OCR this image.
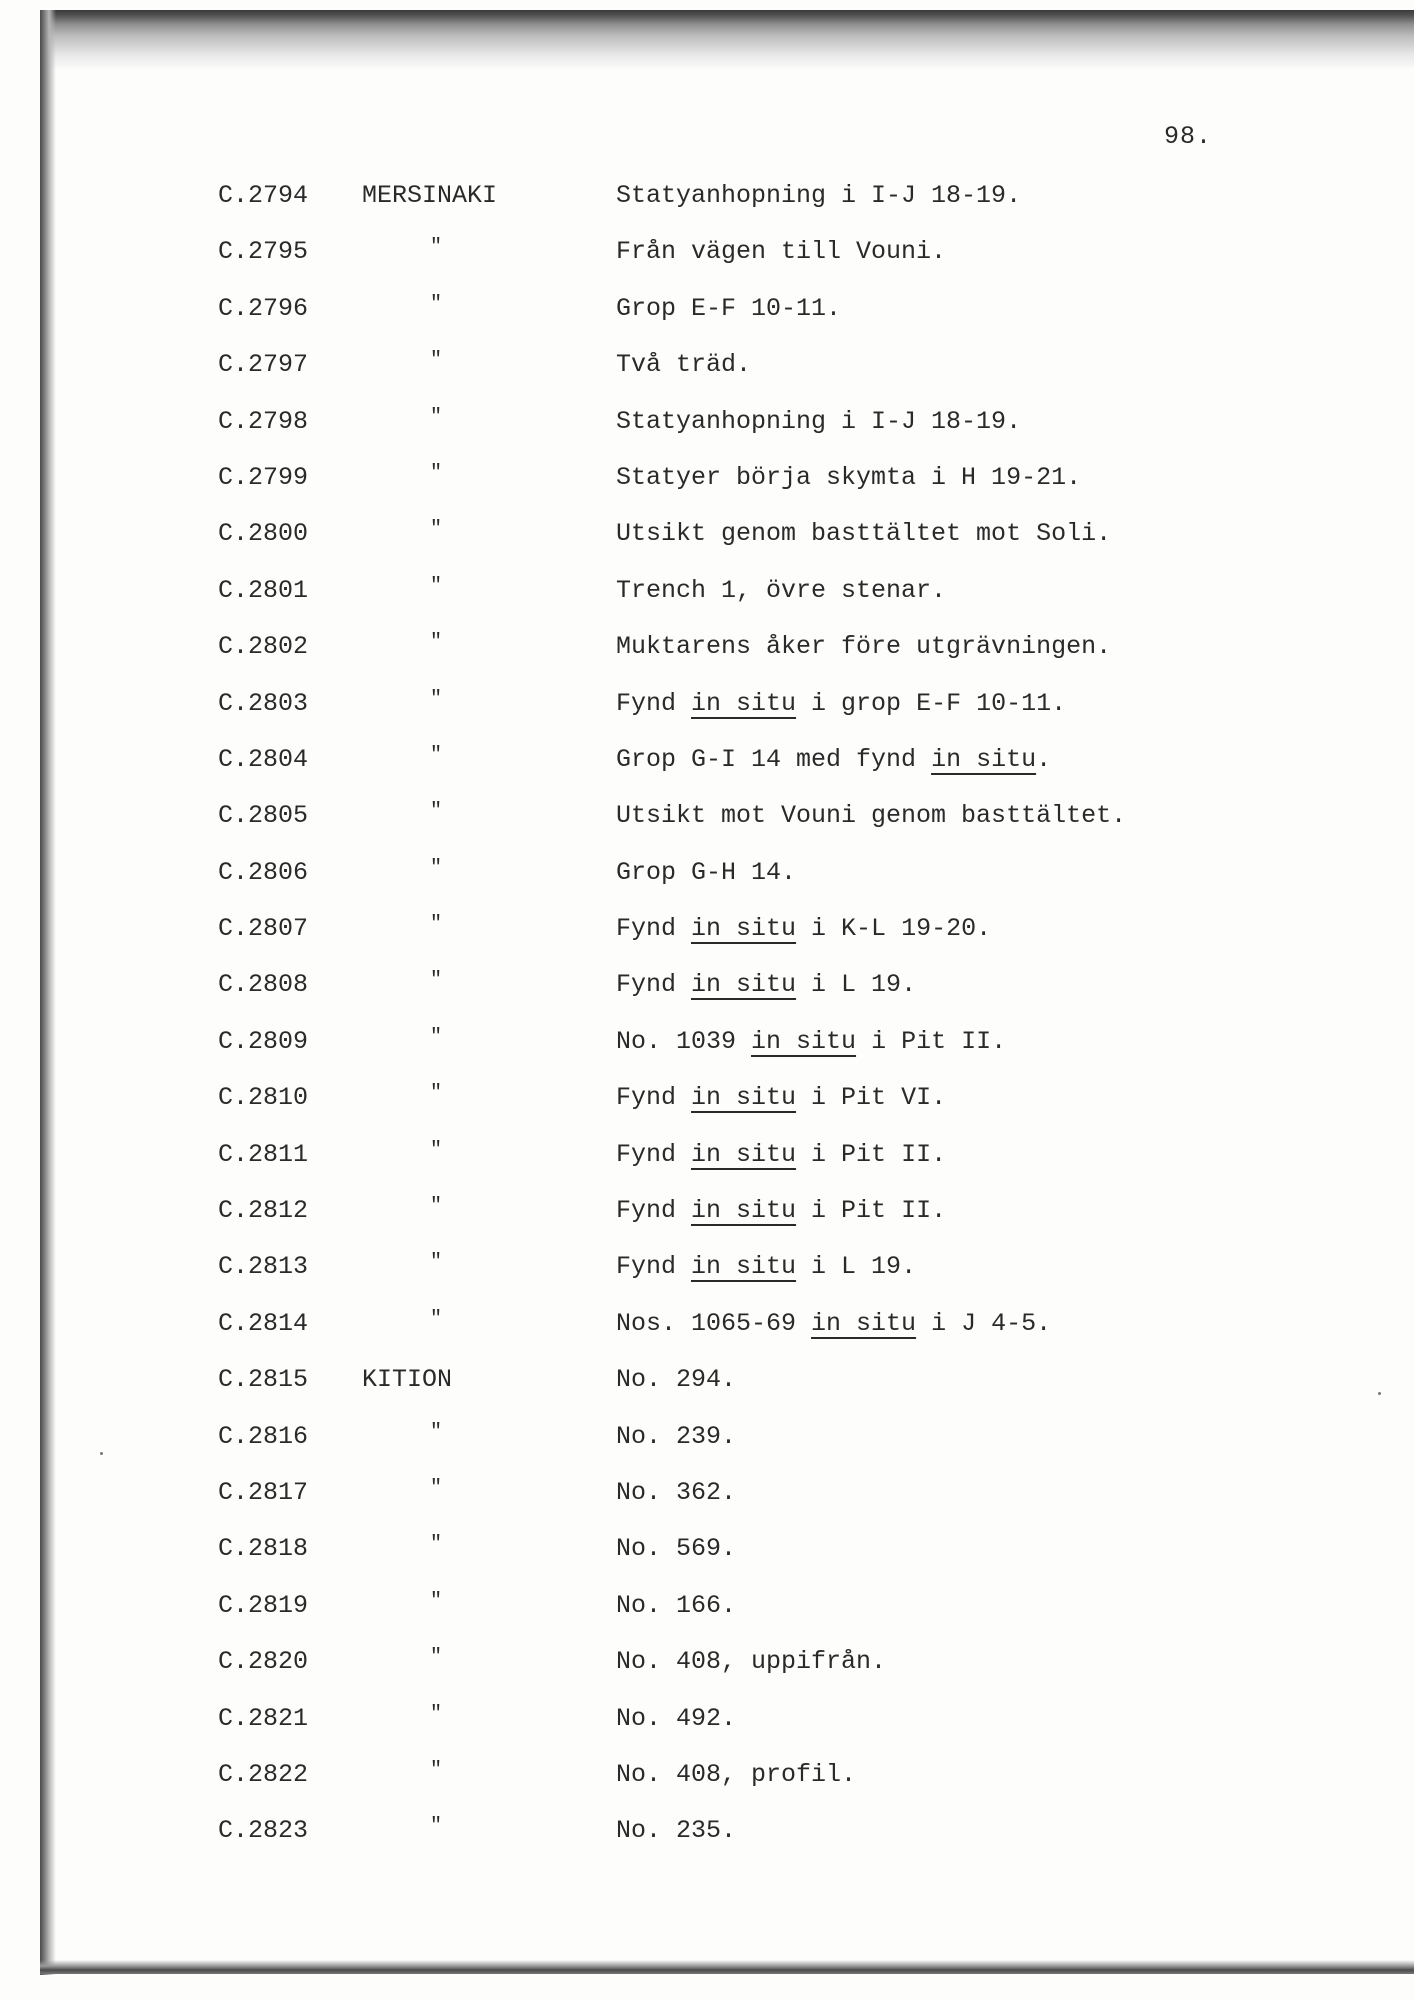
98.
C.2794 MERSINAKI	Statyanhopning i I-J 18-19.
C.2795	"	Från vägen till Vouni.
C.2796	"	Grop E-F 10-11.
C.2797	"	Två träd.
C.2798	"	Statyanhopning i I-J 18-19.
C.2799	"	Statyer börja skymta i H 19-21.
C.2800	"	Utsikt genom basttältet mot Soli.
C.2801	"	Trench 1, övre stenar.
C.2802	"	Muktarens åker före utgrävningen.
C.2803	"	Fynd in situ i grop E-F 10-11.
C.2804	"	Grop G-I 14 med fynd in situ.
C.2805	"	Utsikt mot Vouni genom basttältet.
C.2806	"	Grop G-H 14.
C.2807	"	Fynd in situ i K-L 19-20.
C.2808	"	Fynd in situ i L 19.
C.2809	"	No. 1039 in situ i Pit II.
C.2810	"	Fynd in situ i Pit VI.
C.2811	"	Fynd in situ i Pit II.
C.2812	"	Fynd in situ i Pit II.
C.2813	"	Fynd in situ i L 19.
C.2814	"	Nos. 1065-69 in situ i J 4-5.
C.2815 KITION	No. 294.
C.2816	"	No. 239.
C.2817	"	No. 362.
C.2818	"	No. 569.
C.2819	"	No. 166.
C.2820	"	No. 408, uppifrån.
C.2821	"	No. 492.
C.2822	"	No. 408, profil.
C.2823	"	No. 235.
